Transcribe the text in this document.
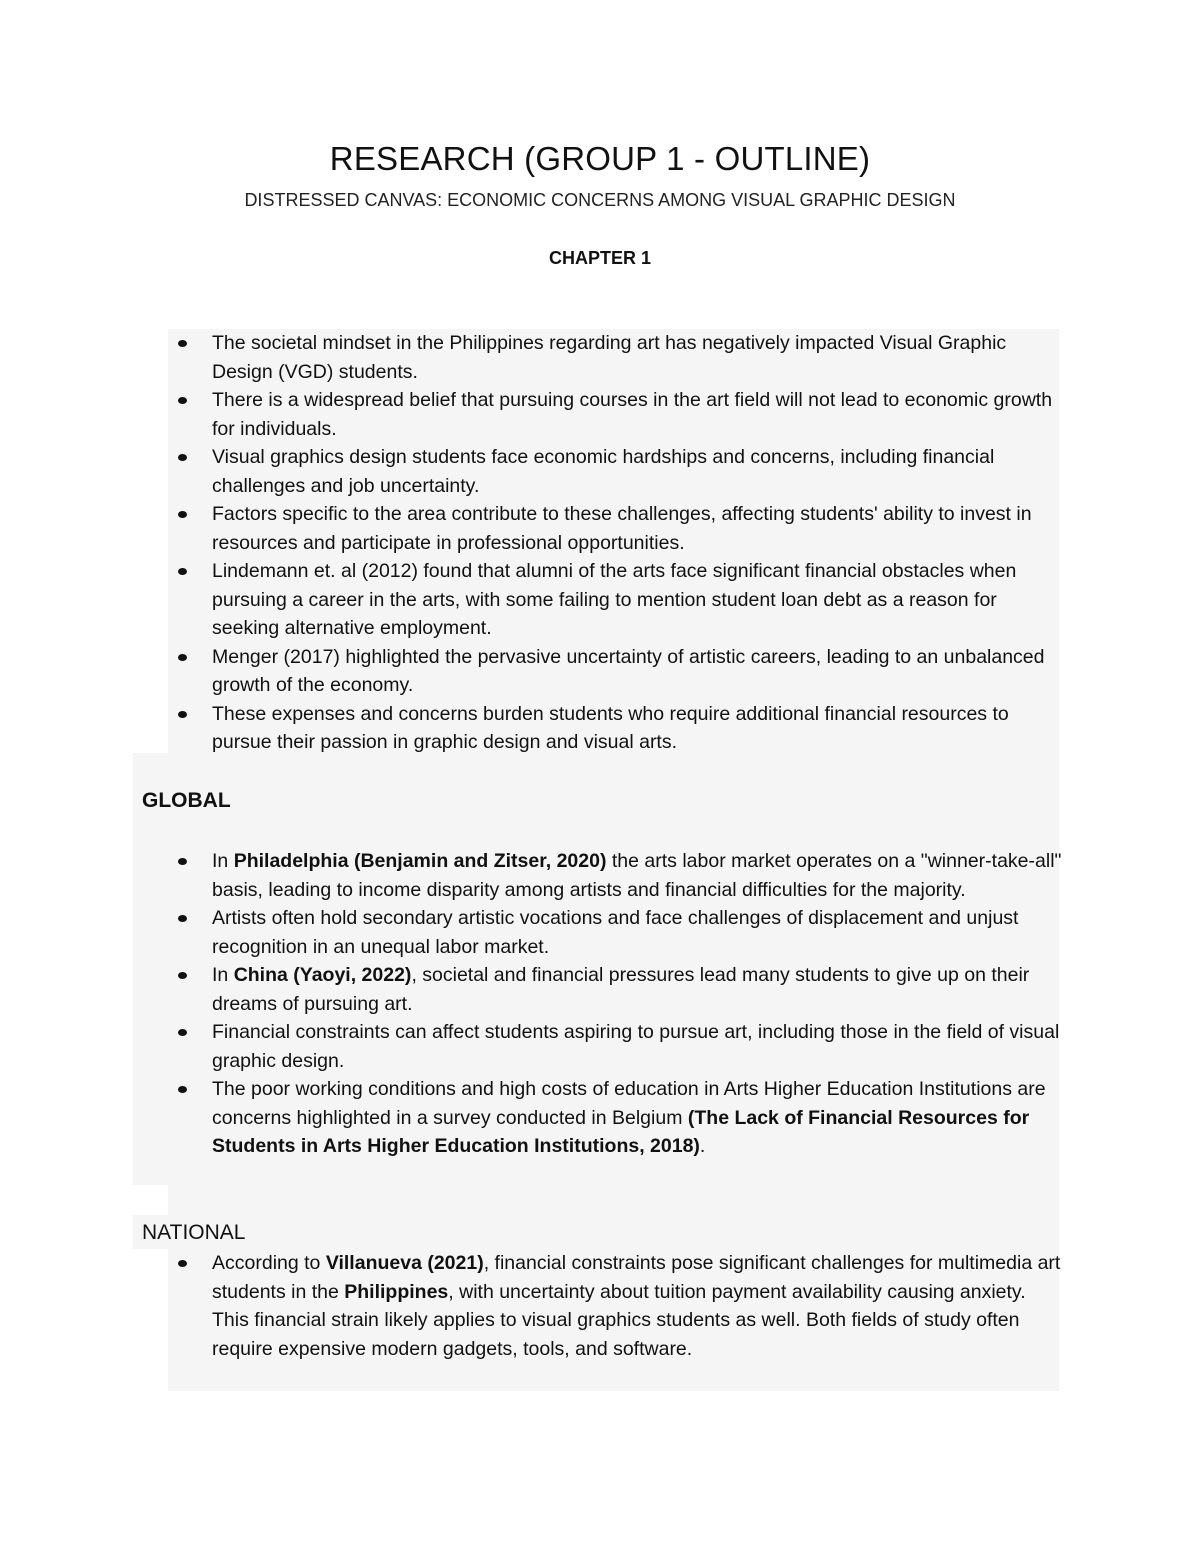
RESEARCH (GROUP 1 - OUTLINE)

DISTRESSED CANVAS: ECONOMIC CONCERNS AMONG VISUAL GRAPHIC DESIGN

CHAPTER 1

The societal mindset in the Philippines regarding art has negatively impacted Visual Graphic Design (VGD) students.
There is a widespread belief that pursuing courses in the art field will not lead to economic growth for individuals.
Visual graphics design students face economic hardships and concerns, including financial challenges and job uncertainty.
Factors specific to the area contribute to these challenges, affecting students' ability to invest in resources and participate in professional opportunities.
Lindemann et. al (2012) found that alumni of the arts face significant financial obstacles when pursuing a career in the arts, with some failing to mention student loan debt as a reason for seeking alternative employment.
Menger (2017) highlighted the pervasive uncertainty of artistic careers, leading to an unbalanced growth of the economy.
These expenses and concerns burden students who require additional financial resources to pursue their passion in graphic design and visual arts.
GLOBAL
In Philadelphia (Benjamin and Zitser, 2020) the arts labor market operates on a "winner-take-all" basis, leading to income disparity among artists and financial difficulties for the majority.
Artists often hold secondary artistic vocations and face challenges of displacement and unjust recognition in an unequal labor market.
In China (Yaoyi, 2022), societal and financial pressures lead many students to give up on their dreams of pursuing art.
Financial constraints can affect students aspiring to pursue art, including those in the field of visual graphic design.
The poor working conditions and high costs of education in Arts Higher Education Institutions are concerns highlighted in a survey conducted in Belgium (The Lack of Financial Resources for Students in Arts Higher Education Institutions, 2018).
NATIONAL
According to Villanueva (2021), financial constraints pose significant challenges for multimedia art students in the Philippines, with uncertainty about tuition payment availability causing anxiety. This financial strain likely applies to visual graphics students as well. Both fields of study often require expensive modern gadgets, tools, and software.
